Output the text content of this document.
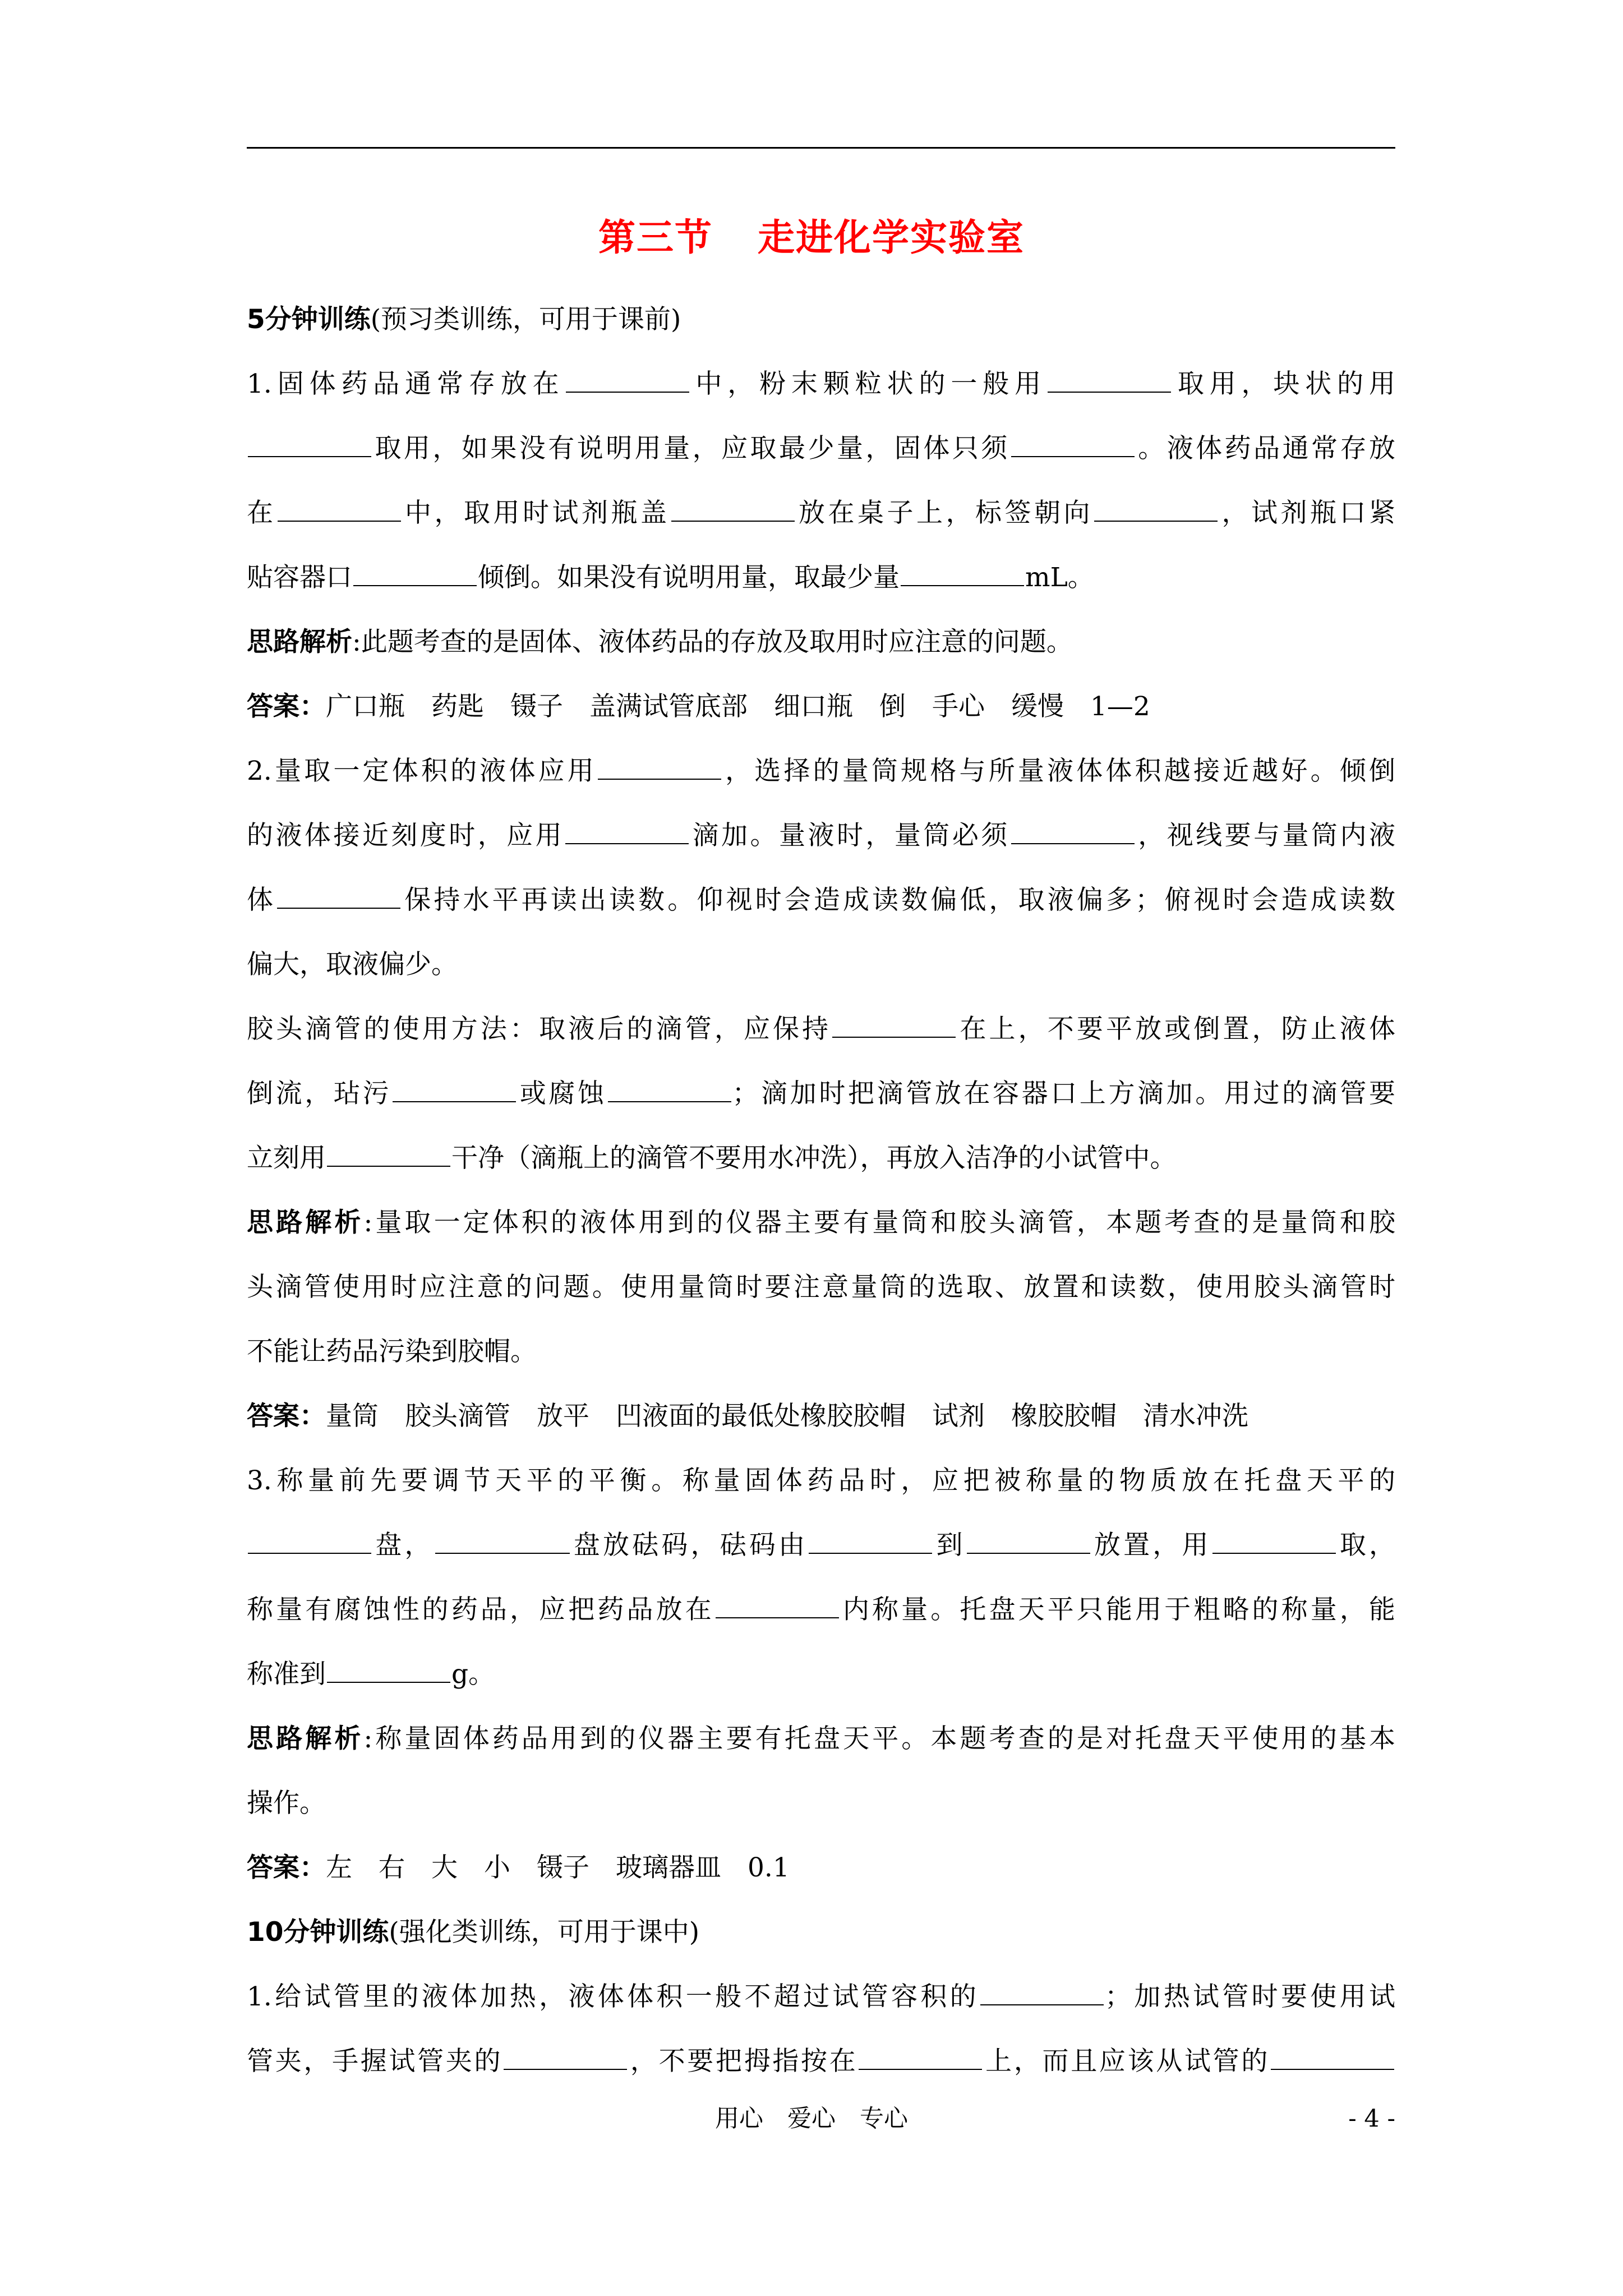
第三节 走进化学实验室
5分钟训练(预习类训练，可用于课前)
1.固体药品通常存放在	中，粉末颗粒状的一般用	取用，块状的用
取用，如果没有说明用量，应取最少量，固体只须	。液体药品通常存放
在	中，取用时试剂瓶盖	放在桌子上，标签朝向	，试剂瓶口紧
贴容器口	倾倒。如果没有说明用量，取最少量	mL。
思路解析:此题考查的是固体、液体药品的存放及取用时应注意的问题。
答案：广口瓶　药匙　镊子　盖满试管底部　细口瓶　倒　手心　缓慢　1—2
2.量取一定体积的液体应用	，选择的量筒规格与所量液体体积越接近越好。倾倒
的液体接近刻度时，应用	滴加。量液时，量筒必须	，视线要与量筒内液
体	保持水平再读出读数。仰视时会造成读数偏低，取液偏多；俯视时会造成读数
偏大，取液偏少。
胶头滴管的使用方法：取液后的滴管，应保持	在上，不要平放或倒置，防止液体
倒流，玷污	或腐蚀	；滴加时把滴管放在容器口上方滴加。用过的滴管要
立刻用	干净（滴瓶上的滴管不要用水冲洗），再放入洁净的小试管中。
思路解析:量取一定体积的液体用到的仪器主要有量筒和胶头滴管，本题考查的是量筒和胶
头滴管使用时应注意的问题。使用量筒时要注意量筒的选取、放置和读数，使用胶头滴管时
不能让药品污染到胶帽。
答案：量筒　胶头滴管　放平　凹液面的最低处橡胶胶帽　试剂　橡胶胶帽　清水冲洗
3.称量前先要调节天平的平衡。称量固体药品时，应把被称量的物质放在托盘天平的
盘，	盘放砝码，砝码由	到	放置，用	取，
称量有腐蚀性的药品，应把药品放在	内称量。托盘天平只能用于粗略的称量，能
称准到	g。
思路解析:称量固体药品用到的仪器主要有托盘天平。本题考查的是对托盘天平使用的基本
操作。
答案：左　右　大　小　镊子　玻璃器皿　0.1
10分钟训练(强化类训练，可用于课中)
1.给试管里的液体加热，液体体积一般不超过试管容积的	；加热试管时要使用试
管夹，手握试管夹的	，不要把拇指按在	上，而且应该从试管的
用心　爱心　专心	- 4 -
